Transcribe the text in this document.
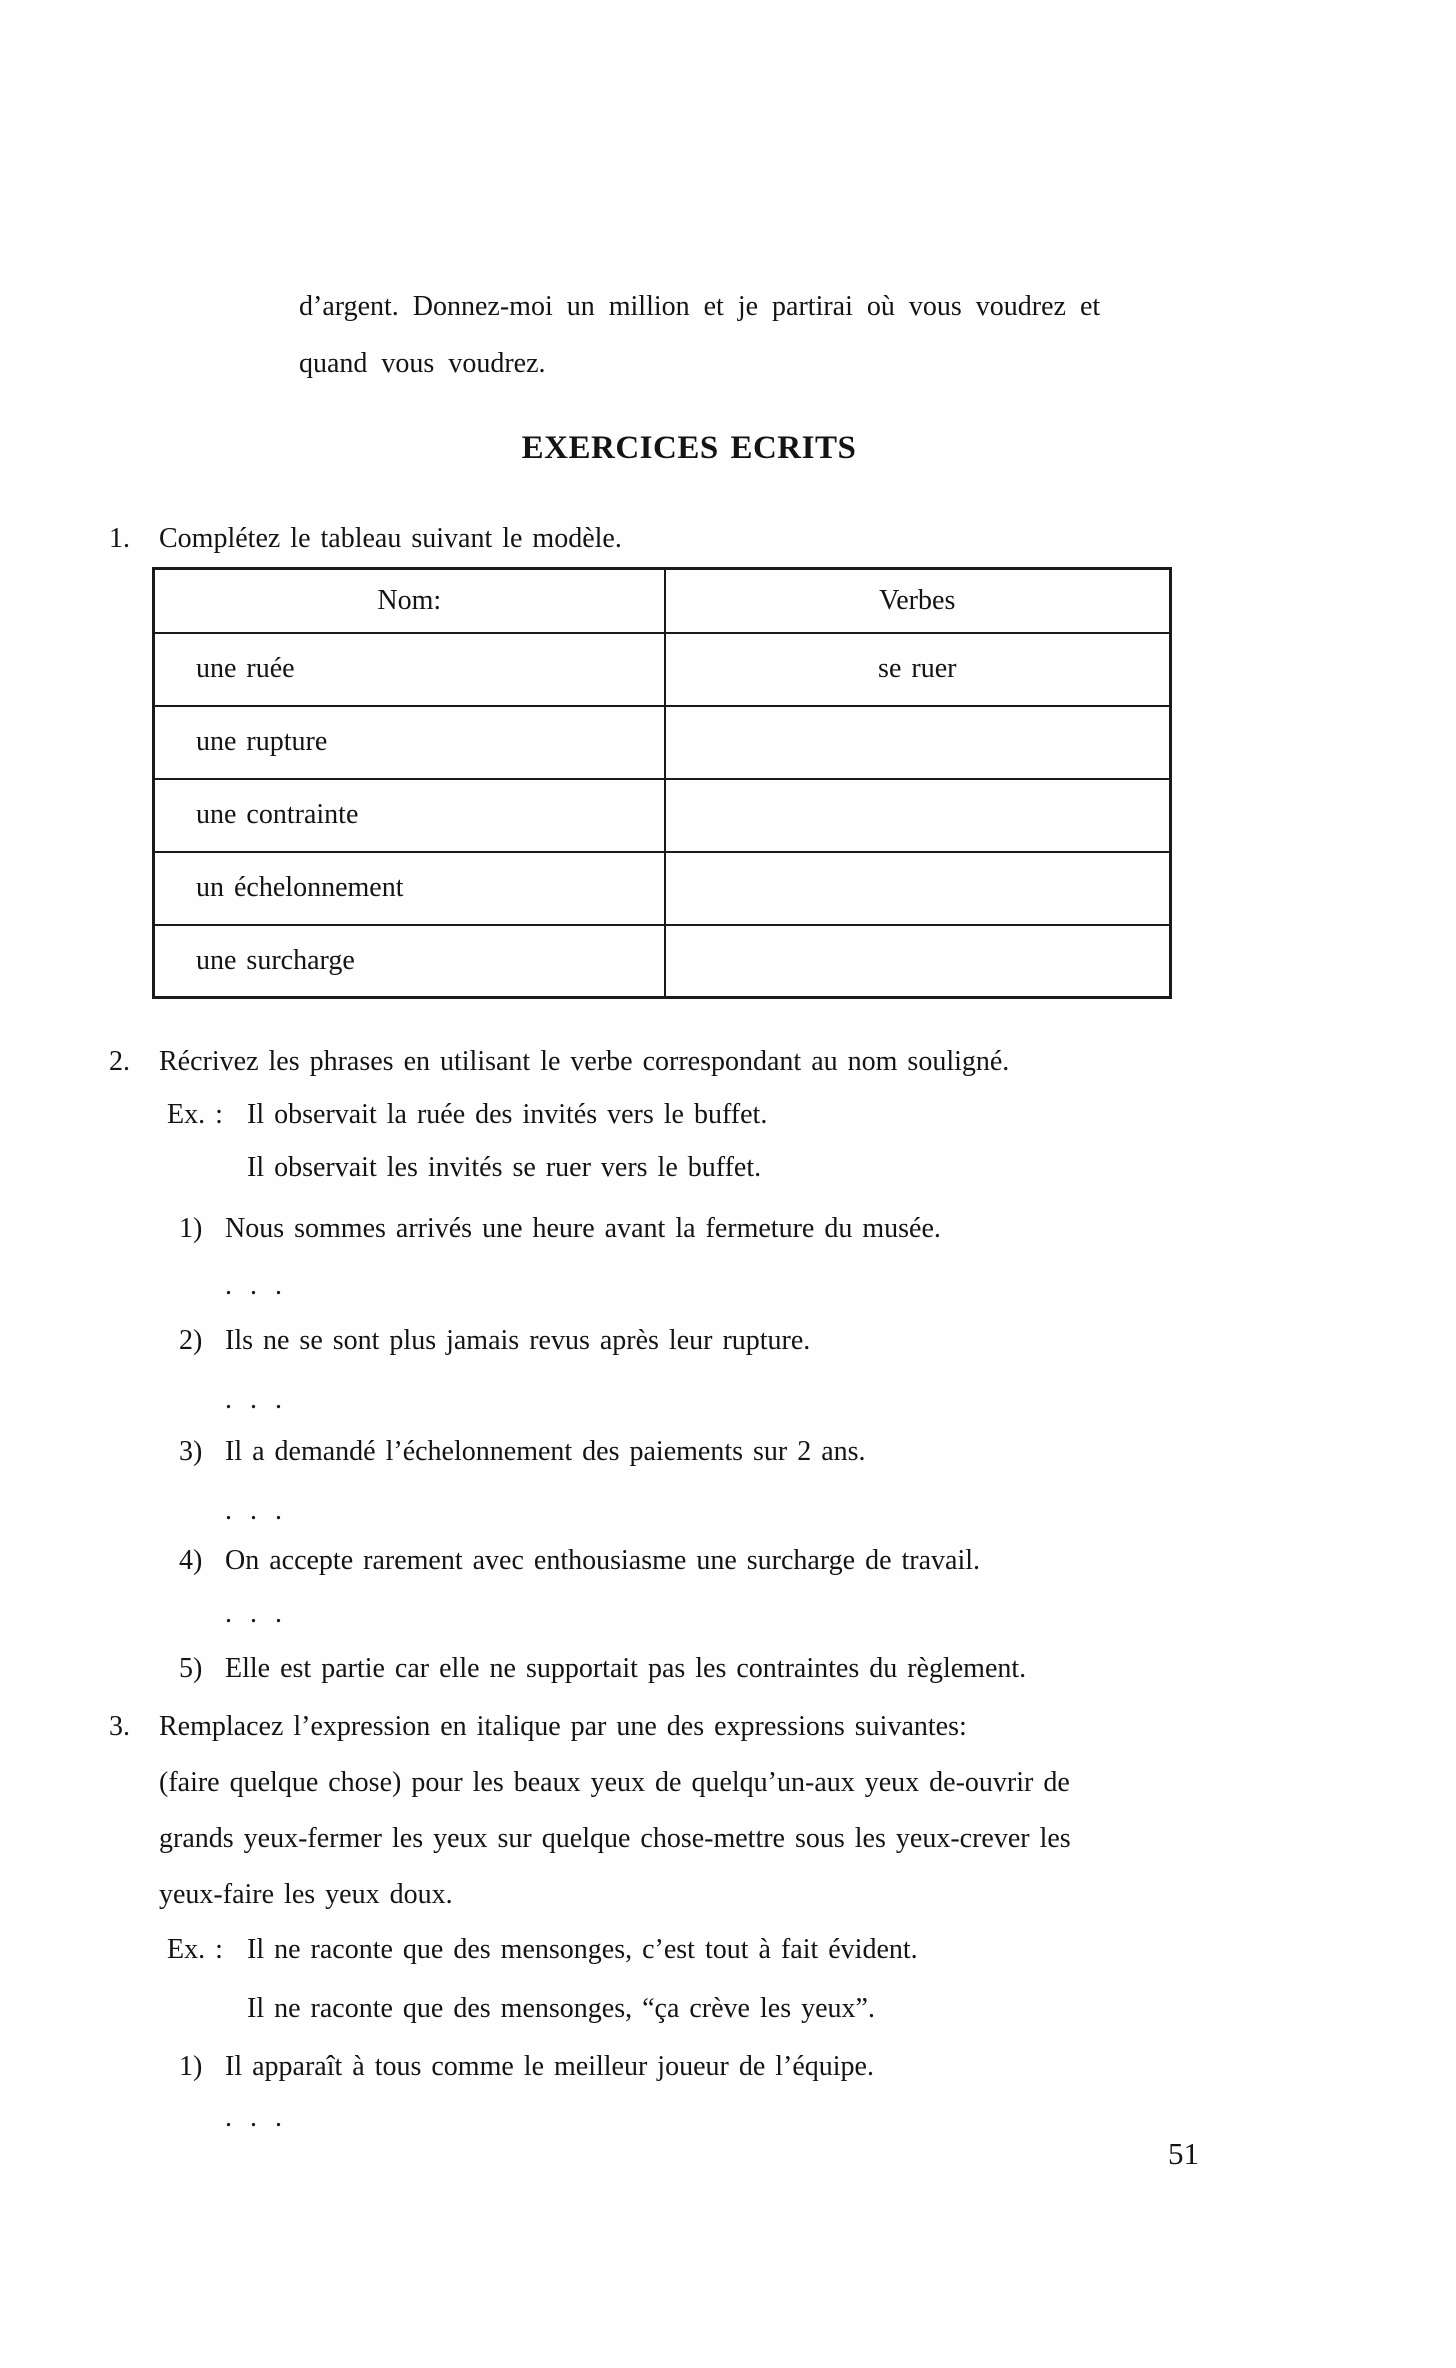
d’argent. Donnez-moi un million et je partirai où vous voudrez et
quand vous voudrez.
EXERCICES ECRITS
1. Complétez le tableau suivant le modèle.
Nom:	Verbes
une ruée	se ruer
une rupture	
une contrainte	
un échelonnement	
une surcharge	
2. Récrivez les phrases en utilisant le verbe correspondant au nom souligné.
Ex. : Il observait la ruée des invités vers le buffet.
Il observait les invités se ruer vers le buffet.
1) Nous sommes arrivés une heure avant la fermeture du musée.
. . .
2) Ils ne se sont plus jamais revus après leur rupture.
. . .
3) Il a demandé l’échelonnement des paiements sur 2 ans.
. . .
4) On accepte rarement avec enthousiasme une surcharge de travail.
. . .
5) Elle est partie car elle ne supportait pas les contraintes du règlement.
3. Remplacez l’expression en italique par une des expressions suivantes:
(faire quelque chose) pour les beaux yeux de quelqu’un-aux yeux de-ouvrir de
grands yeux-fermer les yeux sur quelque chose-mettre sous les yeux-crever les
yeux-faire les yeux doux.
Ex. : Il ne raconte que des mensonges, c’est tout à fait évident.
Il ne raconte que des mensonges, “ça crève les yeux”.
1) Il apparaît à tous comme le meilleur joueur de l’équipe.
. . .
51
